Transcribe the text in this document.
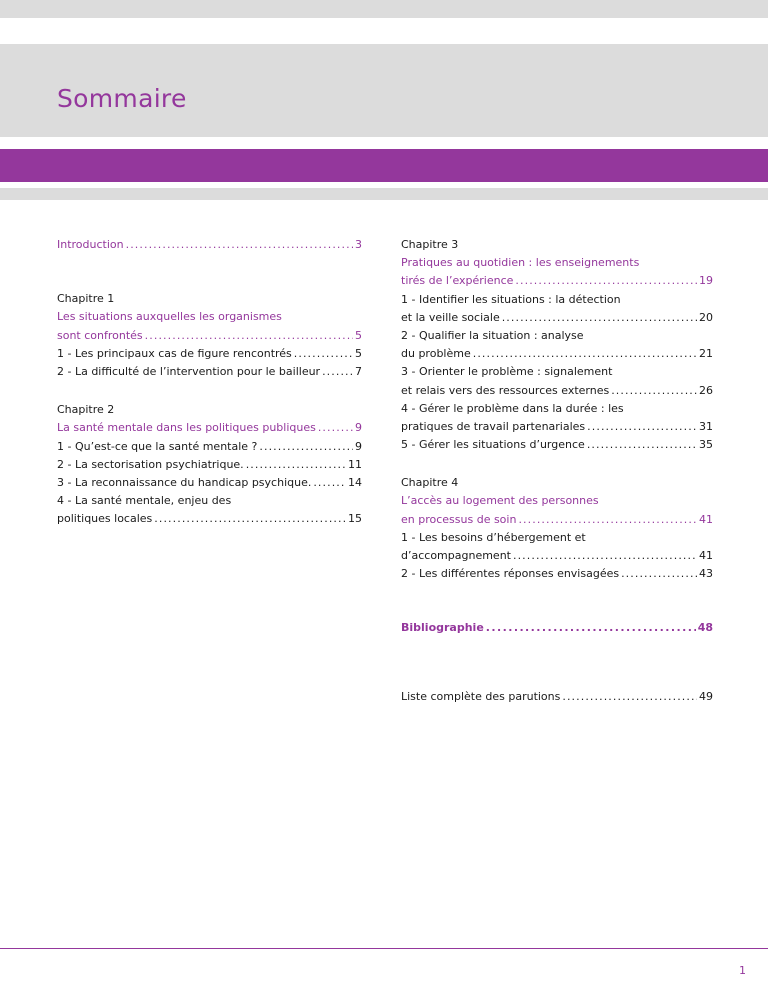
Sommaire
Introduction . . .	3
Chapitre 1
Les situations auxquelles les organismes
sont confrontés . . .	5
1 - Les principaux cas de figure rencontrés . . .	5
2 - La difficulté de l’intervention pour le bailleur . . .	7
Chapitre 2
La santé mentale dans les politiques publiques . . .	9
1 - Qu’est-ce que la santé mentale ? . . .	9
2 - La sectorisation psychiatrique. . . .	11
3 - La reconnaissance du handicap psychique. . . .	14
4 - La santé mentale, enjeu des
politiques locales . . .	15
Chapitre 3
Pratiques au quotidien : les enseignements
tirés de l’expérience . . .	19
1 - Identifier les situations : la détection
et la veille sociale . . .	20
2 - Qualifier la situation : analyse
du problème . . .	21
3 - Orienter le problème : signalement
et relais vers des ressources externes . . .	26
4 - Gérer le problème dans la durée : les
pratiques de travail partenariales . . .	31
5 - Gérer les situations d’urgence . . .	35
Chapitre 4
L’accès au logement des personnes
en processus de soin . . .	41
1 - Les besoins d’hébergement et
d’accompagnement . . .	41
2 - Les différentes réponses envisagées . . .	43
Bibliographie . . .	48
Liste complète des parutions . . .	49
1
